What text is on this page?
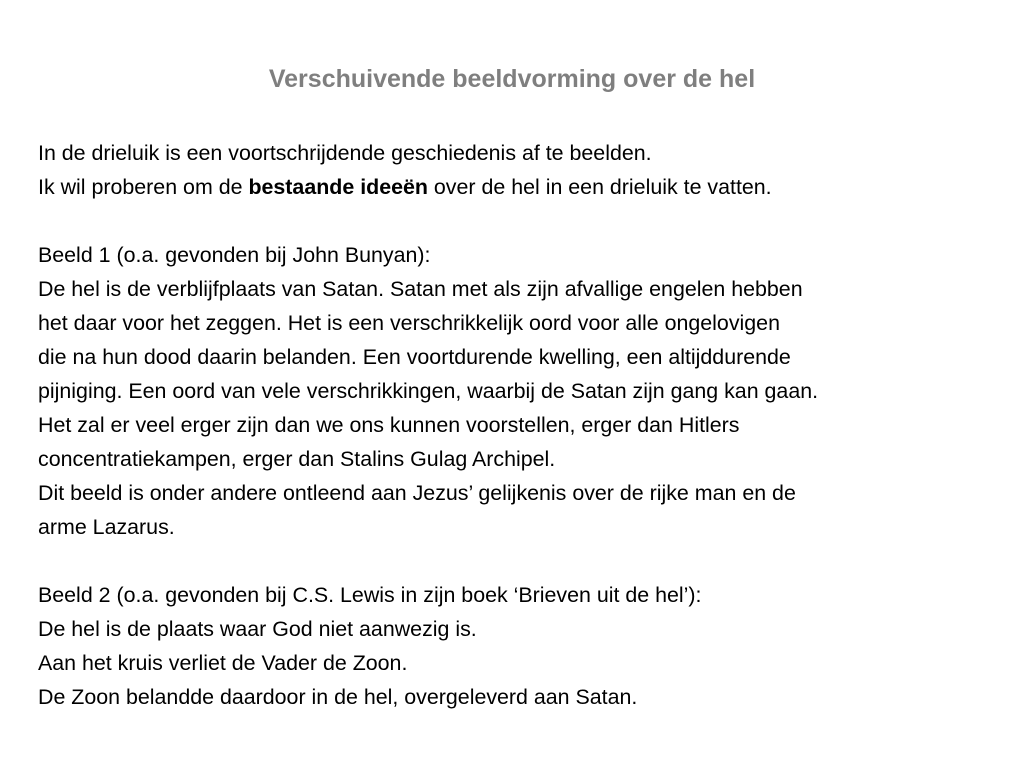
Verschuivende beeldvorming over de hel
In de drieluik is een voortschrijdende geschiedenis af te beelden.
Ik wil proberen om de bestaande ideeën over de hel in een drieluik te vatten.
Beeld 1 (o.a. gevonden bij John Bunyan):
De hel is de verblijfplaats van Satan. Satan met als zijn afvallige engelen hebben
het daar voor het zeggen. Het is een verschrikkelijk oord voor alle ongelovigen
die na hun dood daarin belanden. Een voortdurende kwelling, een altijddurende
pijniging. Een oord van vele verschrikkingen, waarbij de Satan zijn gang kan gaan.
Het zal er veel erger zijn dan we ons kunnen voorstellen, erger dan Hitlers
concentratiekampen, erger dan Stalins Gulag Archipel.
Dit beeld is onder andere ontleend aan Jezus’ gelijkenis over de rijke man en de
arme Lazarus.
Beeld 2 (o.a. gevonden bij C.S. Lewis in zijn boek ‘Brieven uit de hel’):
De hel is de plaats waar God niet aanwezig is.
Aan het kruis verliet de Vader de Zoon.
De Zoon belandde daardoor in de hel, overgeleverd aan Satan.
